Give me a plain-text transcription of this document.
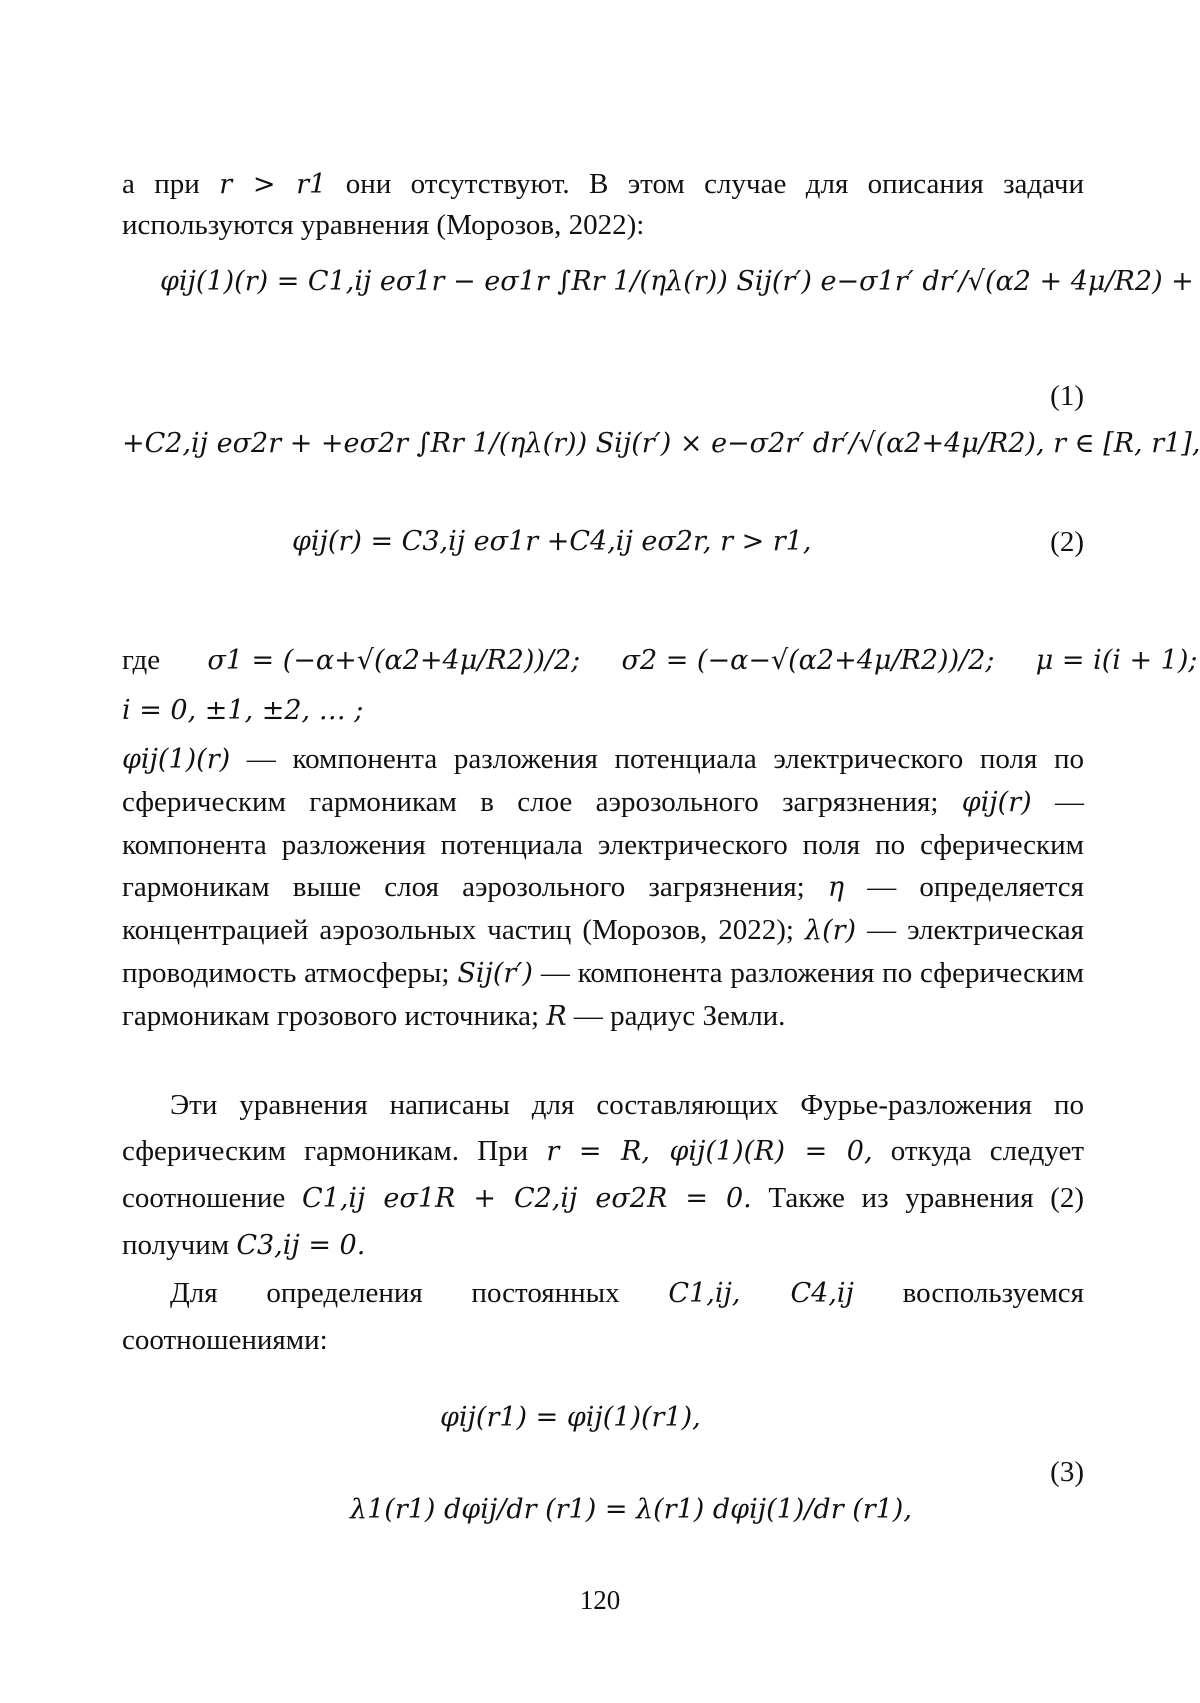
а при r > r1 они отсутствуют. В этом случае для описания задачи используются уравнения (Морозов, 2022):
φij(1)(r) = C1,ij eσ1r − eσ1r ∫Rr 1/(ηλ(r)) Sij(r′) e−σ1r′ dr′/√(α2 + 4μ/R2) +
(1)
+C2,ij eσ2r + +eσ2r ∫Rr 1/(ηλ(r)) Sij(r′) × e−σ2r′ dr′/√(α2+4μ/R2), r ∈ [R, r1],
φij(r) = C3,ij eσ1r +C4,ij eσ2r, r > r1,	(2)
где σ1 = (−α+√(α2+4μ/R2))/2; σ2 = (−α−√(α2+4μ/R2))/2; μ = i(i + 1);
i = 0, ±1, ±2, … ;
φij(1)(r) — компонента разложения потенциала электрического поля по сферическим гармоникам в слое аэрозольного загрязнения; φij(r) — компонента разложения потенциала электрического поля по сферическим гармоникам выше слоя аэрозольного загрязнения; η — определяется концентрацией аэрозольных частиц (Морозов, 2022); λ(r) — электрическая проводимость атмосферы; Sij(r′) — компонента разложения по сферическим гармоникам грозового источника; R — радиус Земли.
Эти уравнения написаны для составляющих Фурье-разложения по сферическим гармоникам. При r = R, φij(1)(R) = 0, откуда следует соотношение C1,ij eσ1R + C2,ij eσ2R = 0. Также из уравнения (2) получим C3,ij = 0.
Для определения постоянных C1,ij, C4,ij воспользуемся соотношениями:
φij(r1) = φij(1)(r1),
(3)
λ1(r1) dφij/dr (r1) = λ(r1) dφij(1)/dr (r1),
120
